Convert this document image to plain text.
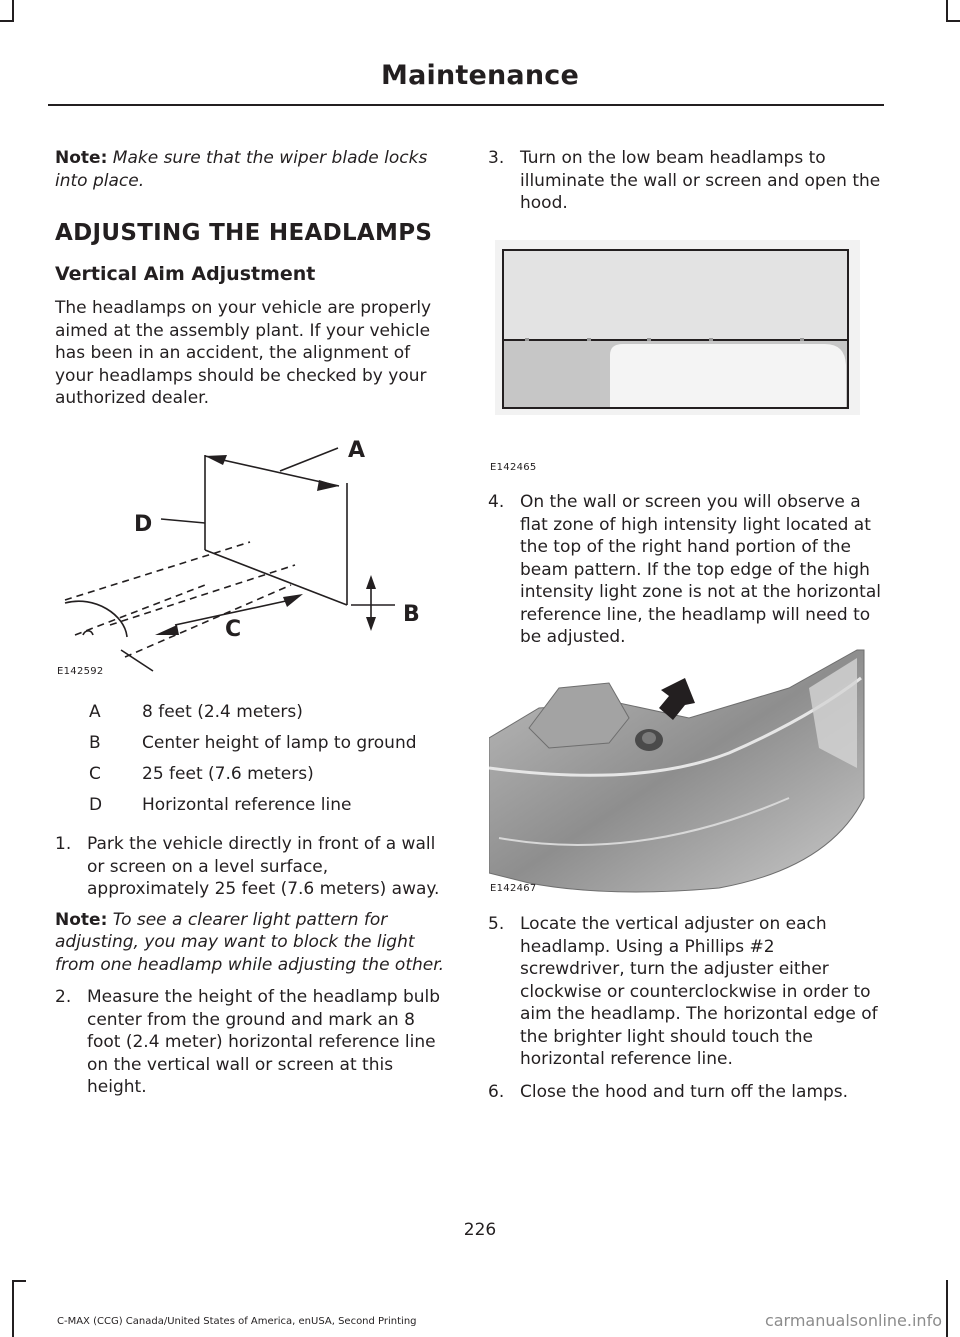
Maintenance
Note: Make sure that the wiper blade locks into place.
ADJUSTING THE HEADLAMPS
Vertical Aim Adjustment
The headlamps on your vehicle are properly aimed at the assembly plant. If your vehicle has been in an accident, the alignment of your headlamps should be checked by your authorized dealer.
A
B
C
D
E142592
A 8 feet (2.4 meters)
B Center height of lamp to ground
C 25 feet (7.6 meters)
D Horizontal reference line
1. Park the vehicle directly in front of a wall or screen on a level surface, approximately 25 feet (7.6 meters) away.
Note: To see a clearer light pattern for adjusting, you may want to block the light from one headlamp while adjusting the other.
2. Measure the height of the headlamp bulb center from the ground and mark an 8 foot (2.4 meter) horizontal reference line on the vertical wall or screen at this height.
3. Turn on the low beam headlamps to illuminate the wall or screen and open the hood.
E142465
4. On the wall or screen you will observe a flat zone of high intensity light located at the top of the right hand portion of the beam pattern. If the top edge of the high intensity light zone is not at the horizontal reference line, the headlamp will need to be adjusted.
E142467
5. Locate the vertical adjuster on each headlamp. Using a Phillips #2 screwdriver, turn the adjuster either clockwise or counterclockwise in order to aim the headlamp. The horizontal edge of the brighter light should touch the horizontal reference line.
6. Close the hood and turn off the lamps.
226
C-MAX (CCG) Canada/United States of America, enUSA, Second Printing	carmanualsonline.info
